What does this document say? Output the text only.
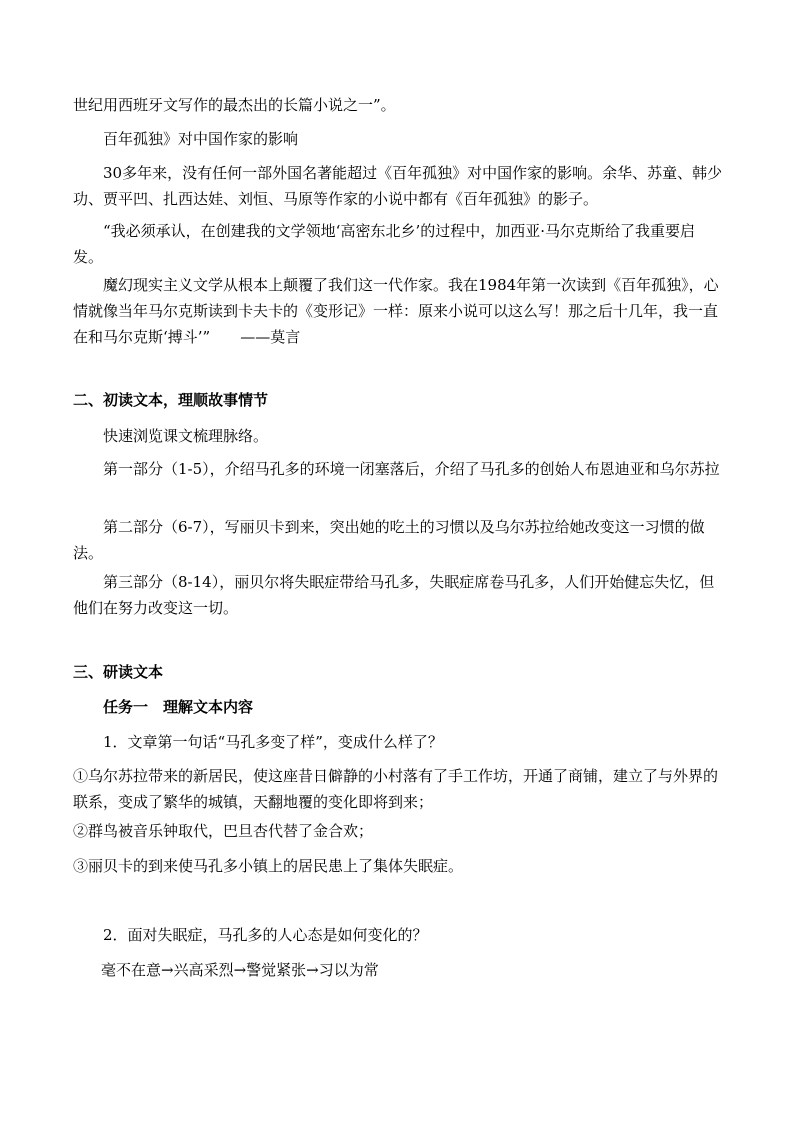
世纪用西班牙文写作的最杰出的长篇小说之一”。

百年孤独》对中国作家的影响

30多年来，没有任何一部外国名著能超过《百年孤独》对中国作家的影响。余华、苏童、韩少功、贾平凹、扎西达娃、刘恒、马原等作家的小说中都有《百年孤独》的影子。

“我必须承认，在创建我的文学领地‘高密东北乡’的过程中，加西亚·马尔克斯给了我重要启发。

魔幻现实主义文学从根本上颠覆了我们这一代作家。我在1984年第一次读到《百年孤独》，心情就像当年马尔克斯读到卡夫卡的《变形记》一样：原来小说可以这么写！那之后十几年，我一直在和马尔克斯‘搏斗’”　　——莫言

二、初读文本，理顺故事情节

快速浏览课文梳理脉络。

第一部分（1-5），介绍马孔多的环境一闭塞落后，介绍了马孔多的创始人布恩迪亚和乌尔苏拉

第二部分（6-7），写丽贝卡到来，突出她的吃土的习惯以及乌尔苏拉给她改变这一习惯的做法。

第三部分（8-14），丽贝尔将失眠症带给马孔多，失眠症席卷马孔多，人们开始健忘失忆，但他们在努力改变这一切。

三、研读文本

任务一　理解文本内容

1．文章第一句话“马孔多变了样”，变成什么样了？

①乌尔苏拉带来的新居民，使这座昔日僻静的小村落有了手工作坊，开通了商铺，建立了与外界的联系，变成了繁华的城镇，天翻地覆的变化即将到来；

②群鸟被音乐钟取代，巴旦杏代替了金合欢；

③丽贝卡的到来使马孔多小镇上的居民患上了集体失眠症。

2．面对失眠症，马孔多的人心态是如何变化的？

毫不在意→兴高采烈→警觉紧张→习以为常
